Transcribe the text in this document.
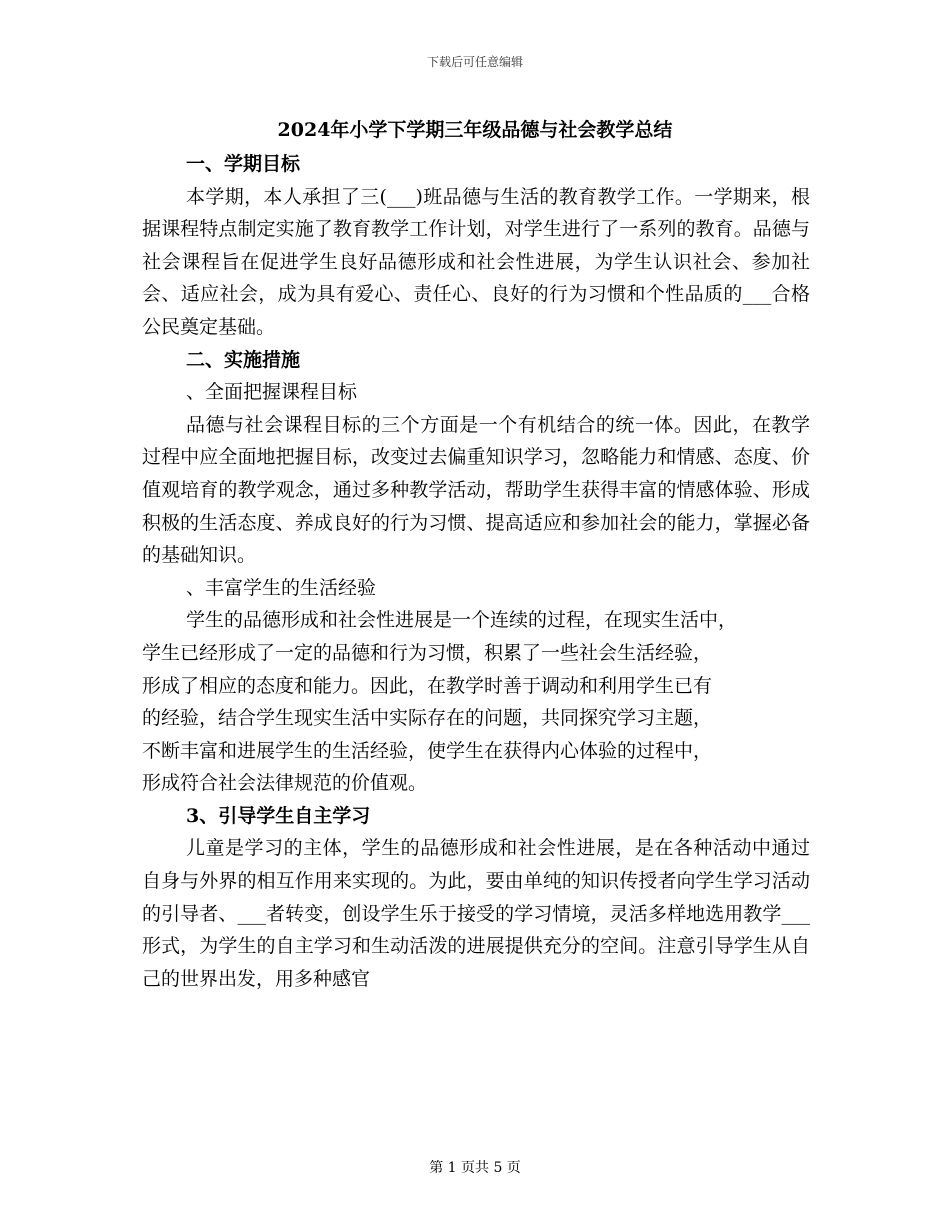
下载后可任意编辑
2024年小学下学期三年级品德与社会教学总结

一、学期目标

本学期，本人承担了三(___)班品德与生活的教育教学工作。一学期来，根据课程特点制定实施了教育教学工作计划，对学生进行了一系列的教育。品德与社会课程旨在促进学生良好品德形成和社会性进展，为学生认识社会、参加社会、适应社会，成为具有爱心、责任心、良好的行为习惯和个性品质的___合格公民奠定基础。

二、实施措施

、全面把握课程目标

品德与社会课程目标的三个方面是一个有机结合的统一体。因此，在教学过程中应全面地把握目标，改变过去偏重知识学习，忽略能力和情感、态度、价值观培育的教学观念，通过多种教学活动，帮助学生获得丰富的情感体验、形成积极的生活态度、养成良好的行为习惯、提高适应和参加社会的能力，掌握必备的基础知识。

、丰富学生的生活经验

学生的品德形成和社会性进展是一个连续的过程，在现实生活中，

学生已经形成了一定的品德和行为习惯，积累了一些社会生活经验，

形成了相应的态度和能力。因此，在教学时善于调动和利用学生已有

的经验，结合学生现实生活中实际存在的问题，共同探究学习主题，

不断丰富和进展学生的生活经验，使学生在获得内心体验的过程中，

形成符合社会法律规范的价值观。

3、引导学生自主学习

儿童是学习的主体，学生的品德形成和社会性进展，是在各种活动中通过自身与外界的相互作用来实现的。为此，要由单纯的知识传授者向学生学习活动的引导者、___者转变，创设学生乐于接受的学习情境，灵活多样地选用教学___形式，为学生的自主学习和生动活泼的进展提供充分的空间。注意引导学生从自己的世界出发，用多种感官

第 1 页共 5 页
